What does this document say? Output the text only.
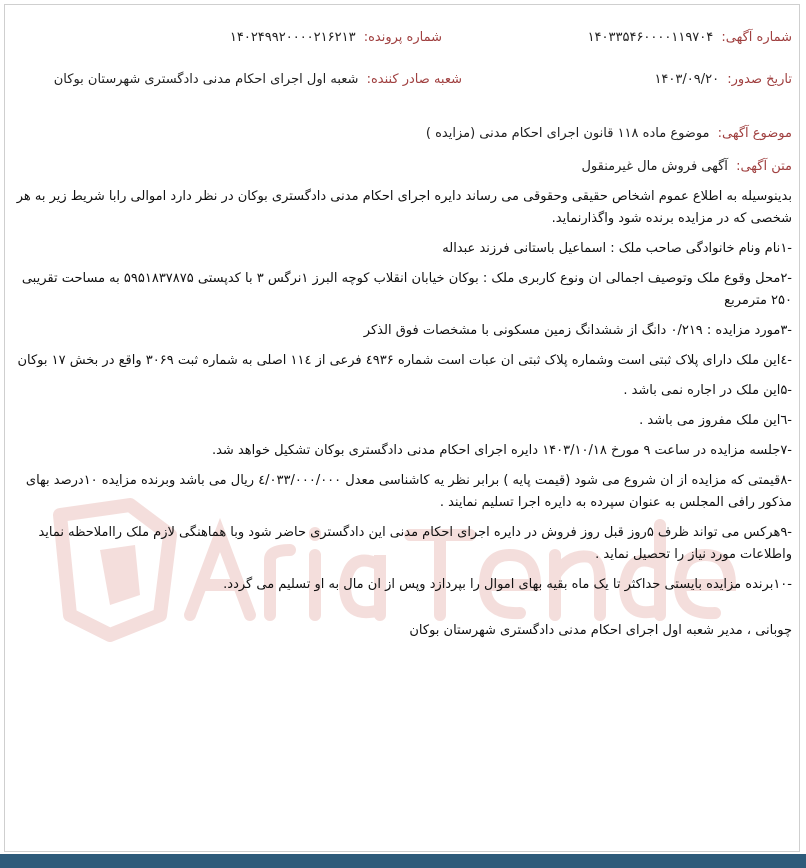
شماره آگهی: ۱۴۰۳۳۵۴۶۰۰۰۰۱۱۹۷۰۴
شماره پرونده: ۱۴۰۲۴۹۹۲۰۰۰۰۲۱۶۲۱۳
تاریخ صدور: ۱۴۰۳/۰۹/۲۰
شعبه صادر کننده: شعبه اول اجرای احکام مدنی دادگستری شهرستان بوکان
موضوع آگهی: موضوع ماده ۱۱۸ قانون اجرای احکام مدنی (مزایده )

متن آگهی: آگهی فروش مال غیرمنقول

بدینوسیله به اطلاع عموم اشخاص حقیقی وحقوقی می رساند دایره اجرای احکام مدنی دادگستری بوکان در نظر دارد اموالی رابا شریط زیر به هر شخصی که در مزایده برنده شود واگذارنماید.

-۱نام ونام خانوادگی صاحب ملک : اسماعیل باستانی فرزند عبداله

-۲محل وقوع ملک وتوصیف اجمالی ان ونوع کاربری ملک : بوکان خیابان انقلاب کوچه البرز ۱نرگس ۳ با کدپستی ۵۹۵۱۸۳۷۸۷۵ به مساحت تقریبی ۲۵۰ مترمربع

-۳مورد مزایده : ۰/۲۱۹ دانگ از ششدانگ زمین مسکونی با مشخصات فوق الذکر

-٤این ملک دارای پلاک ثبتی است وشماره پلاک ثبتی ان عبات است شماره ٤۹۳۶ فرعی از ۱۱٤ اصلی به شماره ثبت ۳۰۶۹ واقع در بخش ۱۷ بوکان

-۵این ملک در اجاره نمی باشد .

-٦این ملک مفروز می باشد .

-۷جلسه مزایده در ساعت ۹ مورخ ۱۴۰۳/۱۰/۱۸ دایره اجرای احکام مدنی دادگستری بوکان تشکیل خواهد شد.

-۸قیمتی که مزایده از ان شروع می شود (قیمت پایه ) برابر نظر یه کاشناسی معدل ٤/۰۳۳/۰۰۰/۰۰۰ ریال می باشد وبرنده مزایده ۱۰درصد بهای مذکور رافی المجلس به عنوان سپرده به دایره اجرا تسلیم نمایند .

-۹هرکس می تواند ظرف ۵روز قبل روز فروش در دایره اجرای احکام مدنی این دادگستری حاضر شود وبا هماهنگی لازم ملک رااملاحظه نماید واطلاعات مورد نیاز را تحصیل نماید .

-۱۰برنده مزایده بایستی حداکثر تا یک ماه بقیه بهای اموال را بپردازد وپس از ان مال به او تسلیم می گردد.

چوبانی ، مدیر شعبه اول اجرای احکام مدنی دادگستری شهرستان بوکان
